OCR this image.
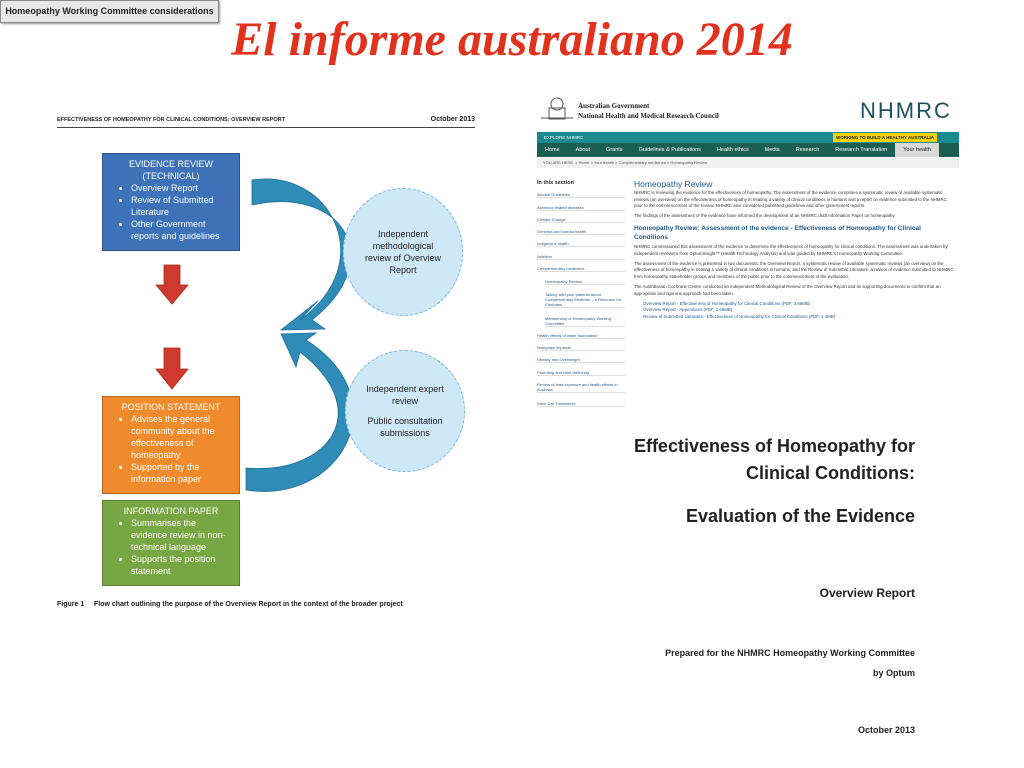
El informe australiano 2014
EFFECTIVENESS OF HOMEOPATHY FOR CLINICAL CONDITIONS: OVERVIEW REPORT	October 2013
EVIDENCE REVIEW (TECHNICAL)
• Overview Report
• Review of Submitted Literature
• Other Government reports and guidelines
Homeopathy Working Committee considerations
POSITION STATEMENT
• Advises the general community about the effectiveness of homeopathy
• Supported by the information paper
INFORMATION PAPER
• Summarises the evidence review in non-technical language
• Supports the position statement
Independent methodological review of Overview Report
Independent expert review
Public consultation submissions
Figure 1 Flow chart outlining the purpose of the Overview Report in the context of the broader project
Australian Government
National Health and Medical Research Council	NHMRC
EXPLORE NHMRC	WORKING TO BUILD A HEALTHY AUSTRALIA
Home	About	Grants	Guidelines & Publications	Health ethics	Media	Research	Research Translation	Your health
YOU ARE HERE: > Home > Your health > Complementary medicines > Homeopathy Review
In this section
Alcohol Guidelines
Asbestos related diseases
Climate Change
Genetics and human health
Indigenous health
Nutrition
Complementary medicines
Homeopathy Review
Talking with your patients about Complementary Medicine – a Resource for Clinicians
Membership of Homeopathy Working Committee
Health effects of water fluoridation
Nutripoise implants
Obesity and Overweight
Parenting and child wellbeing
Review of lead exposure and health effects in Australia
Stem Cell Treatments
Homeopathy Review

NHMRC is reviewing the evidence for the effectiveness of homeopathy. The assessment of the evidence comprises a systematic review of available systematic reviews (an overview) on the effectiveness of homeopathy in treating a variety of clinical conditions in humans and a report on evidence submitted to the NHMRC prior to the commencement of the review. NHMRC also considered published guidelines and other government reports.

The findings of the assessment of the evidence have informed the development of an NHMRC draft Information Paper on homeopathy.

Homeopathy Review: Assessment of the evidence - Effectiveness of Homeopathy for Clinical Conditions

NHMRC commissioned this assessment of the evidence to determine the effectiveness of homeopathy for clinical conditions. The assessment was undertaken by independent reviewers from OptumInsight™ (Health Technology Analysts) and was guided by NHMRC's Homeopathy Working Committee.

The assessment of the evidence is presented in two documents: the Overview Report, a systematic review of available systematic reviews (an overview) on the effectiveness of homeopathy in treating a variety of clinical conditions in humans; and the Review of Submitted Literature, a review of evidence submitted to NHMRC from homeopathy stakeholder groups and members of the public prior to the commencement of the evaluation.

The Australasian Cochrane Centre conducted an independent Methodological Review of the Overview Report and its supporting documents to confirm that an appropriate and rigorous approach had been taken.

Overview Report - Effectiveness of Homeopathy for Clinical Conditions (PDF, 2.66MB)
Overview Report - Appendices (PDF, 2.66MB)
Review of Submitted Literature - Effectiveness of Homeopathy for Clinical Conditions (PDF, 1.4MB)
Effectiveness of Homeopathy for
Clinical Conditions:
Evaluation of the Evidence
Overview Report
Prepared for the NHMRC Homeopathy Working Committee
by Optum
October 2013
